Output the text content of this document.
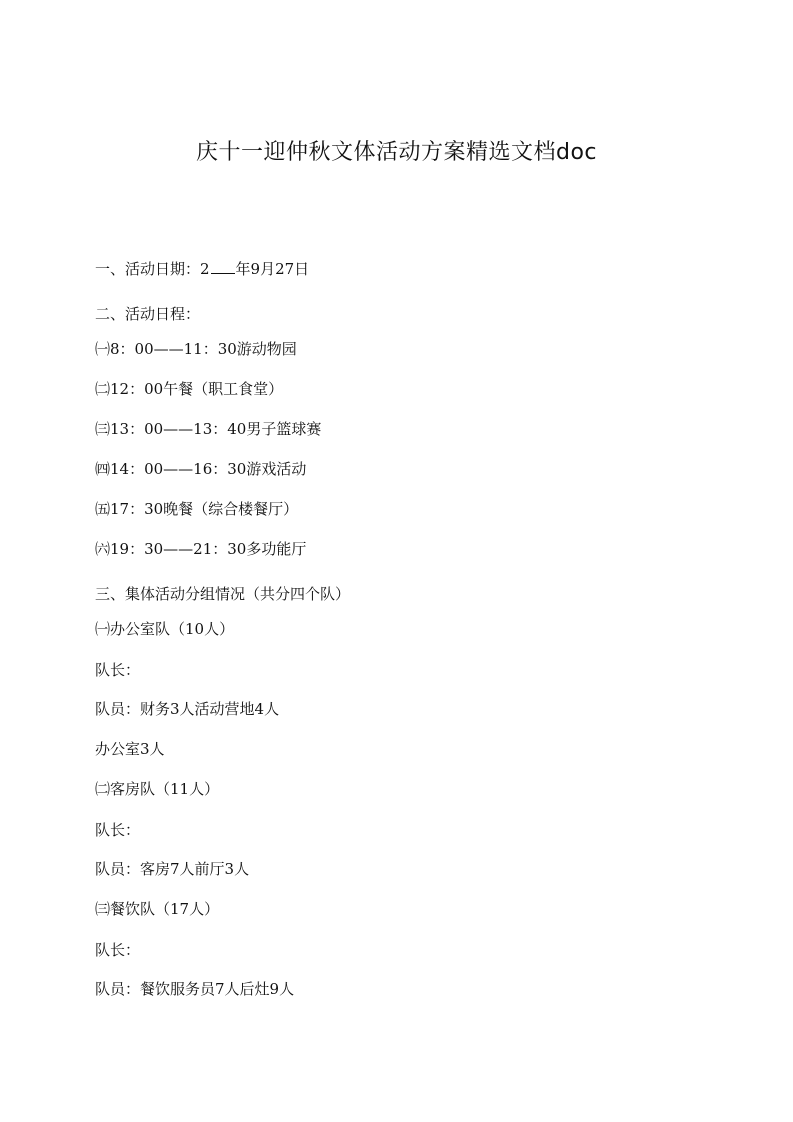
庆十一迎仲秋文体活动方案精选文档doc
一、活动日期：2 年9月27日
二、活动日程：
㈠8：00——11：30游动物园
㈡12：00午餐（职工食堂）
㈢13：00——13：40男子篮球赛
㈣14：00——16：30游戏活动
㈤17：30晚餐（综合楼餐厅）
㈥19：30——21：30多功能厅
三、集体活动分组情况（共分四个队）
㈠办公室队（10人）
队长：
队员：财务3人活动营地4人
办公室3人
㈡客房队（11人）
队长：
队员：客房7人前厅3人
㈢餐饮队（17人）
队长：
队员：餐饮服务员7人后灶9人
